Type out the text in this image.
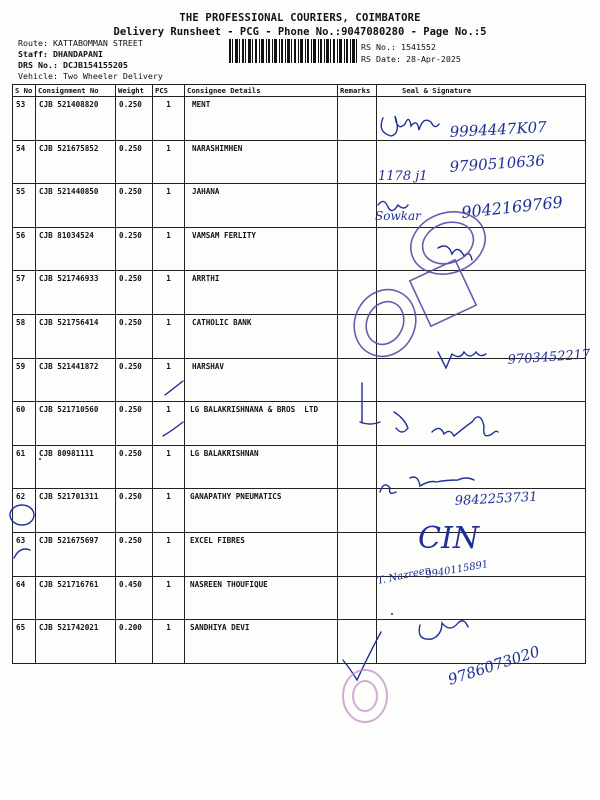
THE PROFESSIONAL COURIERS, COIMBATORE
Delivery Runsheet - PCG - Phone No.:9047080280 - Page No.:5
Route: KATTABOMMAN STREET
Staff: DHANDAPANI
DRS No.: DCJB154155205
Vehicle: Two Wheeler Delivery
RS No.: 1541552
RS Date: 28-Apr-2025
S No	Consignment No	Weight	PCS	Consignee Details	Remarks	Seal & Signature
53	CJB 521408820	0.250	1	MENT		
54	CJB 521675852	0.250	1	NARASHIMHEN		
55	CJB 521440850	0.250	1	JAHANA		
56	CJB 81034524	0.250	1	VAMSAM FERLITY		
57	CJB 521746933	0.250	1	ARRTHI		
58	CJB 521756414	0.250	1	CATHOLIC BANK		
59	CJB 521441872	0.250	1	HARSHAV		
60	CJB 521710560	0.250	1	LG BALAKRISHNANA & BROS  LTD		
61	CJB 80981111	0.250	1	LG BALAKRISHNAN		
62	CJB 521701311	0.250	1	GANAPATHY PNEUMATICS		
63	CJB 521675697	0.250	1	EXCEL FIBRES		
64	CJB 521716761	0.450	1	NASREEN THOUFIQUE		
65	CJB 521742021	0.200	1	SANDHIYA DEVI		
9994447K07
1178 j1
9790510636
Sowkar 9042169769
9703452217
9842253731
CIN
T. Nazreen
9940115891
9786073020
